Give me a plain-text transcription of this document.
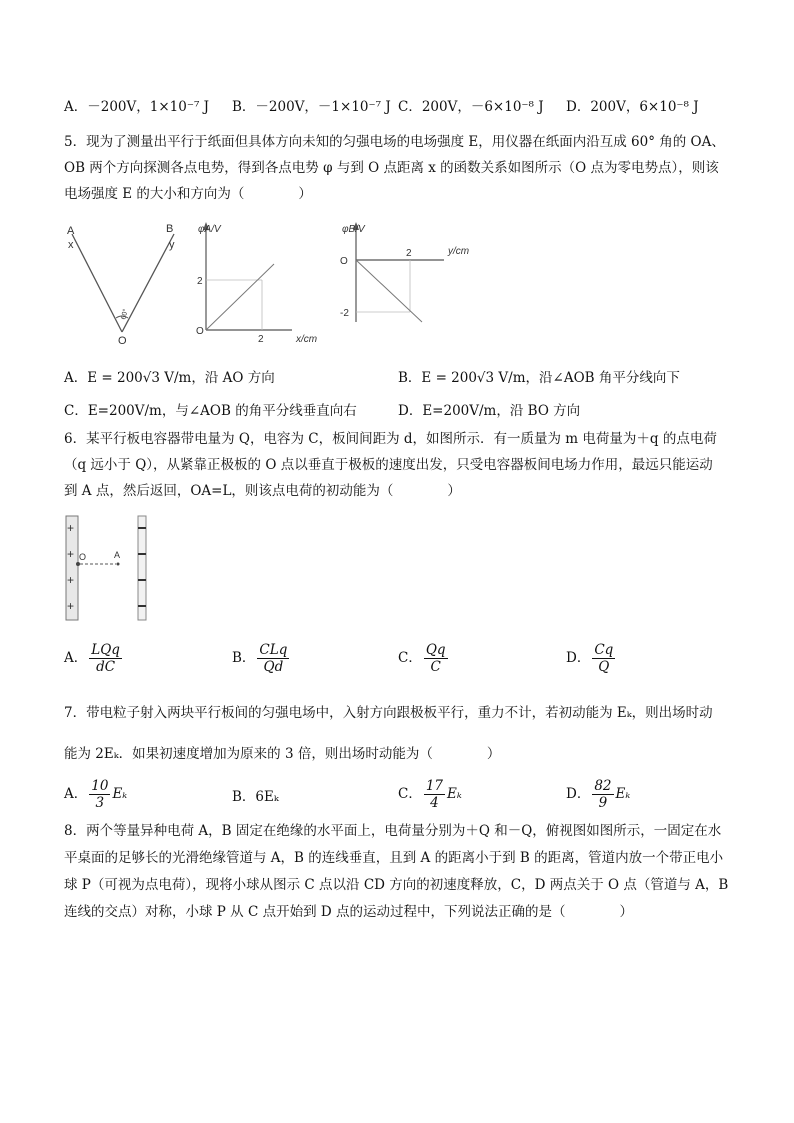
A．－200V，1×10⁻⁷ J B．－200V，－1×10⁻⁷ J C．200V，－6×10⁻⁸ J D．200V，6×10⁻⁸ J
5．现为了测量出平行于纸面但具体方向未知的匀强电场的电场强度 E，用仪器在纸面内沿互成 60° 角的 OA、
OB 两个方向探测各点电势，得到各点电势 φ 与到 O 点距离 x 的函数关系如图所示（O 点为零电势点），则该
电场强度 E 的大小和方向为（　　　　）
A
x
B
y
O
60°
φA/V
x/cm
2
2
O
φB/V
y/cm
-2
2
O
A．E = 200√3 V/m，沿 AO 方向	B．E = 200√3 V/m，沿∠AOB 角平分线向下
C．E=200V/m，与∠AOB 的角平分线垂直向右	D．E=200V/m，沿 BO 方向
6．某平行板电容器带电量为 Q，电容为 C，板间间距为 d，如图所示．有一质量为 m 电荷量为＋q 的点电荷
（q 远小于 Q），从紧靠正极板的 O 点以垂直于极板的速度出发，只受电容器板间电场力作用，最远只能运动
到 A 点，然后返回，OA=L，则该点电荷的初动能为（　　　　）
+
+
+
+
O	A
A． $\frac{\text{LQq}}{dC}$	B． $\frac{\text{CLq}}{Qd}$	C． $\frac{Qq}{C}$	D． $\frac{Cq}{Q}$
7．带电粒子射入两块平行板间的匀强电场中，入射方向跟极板平行，重力不计，若初动能为 Eₖ，则出场时动
能为 2Eₖ．如果初速度增加为原来的 3 倍，则出场时动能为（　　　　）
A． $\frac{10}{3}$ Eₖ	B．6Eₖ	C． $\frac{17}{4}$ Eₖ	D． $\frac{82}{9}$ Eₖ
8．两个等量异种电荷 A，B 固定在绝缘的水平面上，电荷量分别为＋Q 和－Q，俯视图如图所示，一固定在水
平桌面的足够长的光滑绝缘管道与 A，B 的连线垂直，且到 A 的距离小于到 B 的距离，管道内放一个带正电小
球 P（可视为点电荷），现将小球从图示 C 点以沿 CD 方向的初速度释放，C，D 两点关于 O 点（管道与 A，B
连线的交点）对称，小球 P 从 C 点开始到 D 点的运动过程中，下列说法正确的是（　　　　）
